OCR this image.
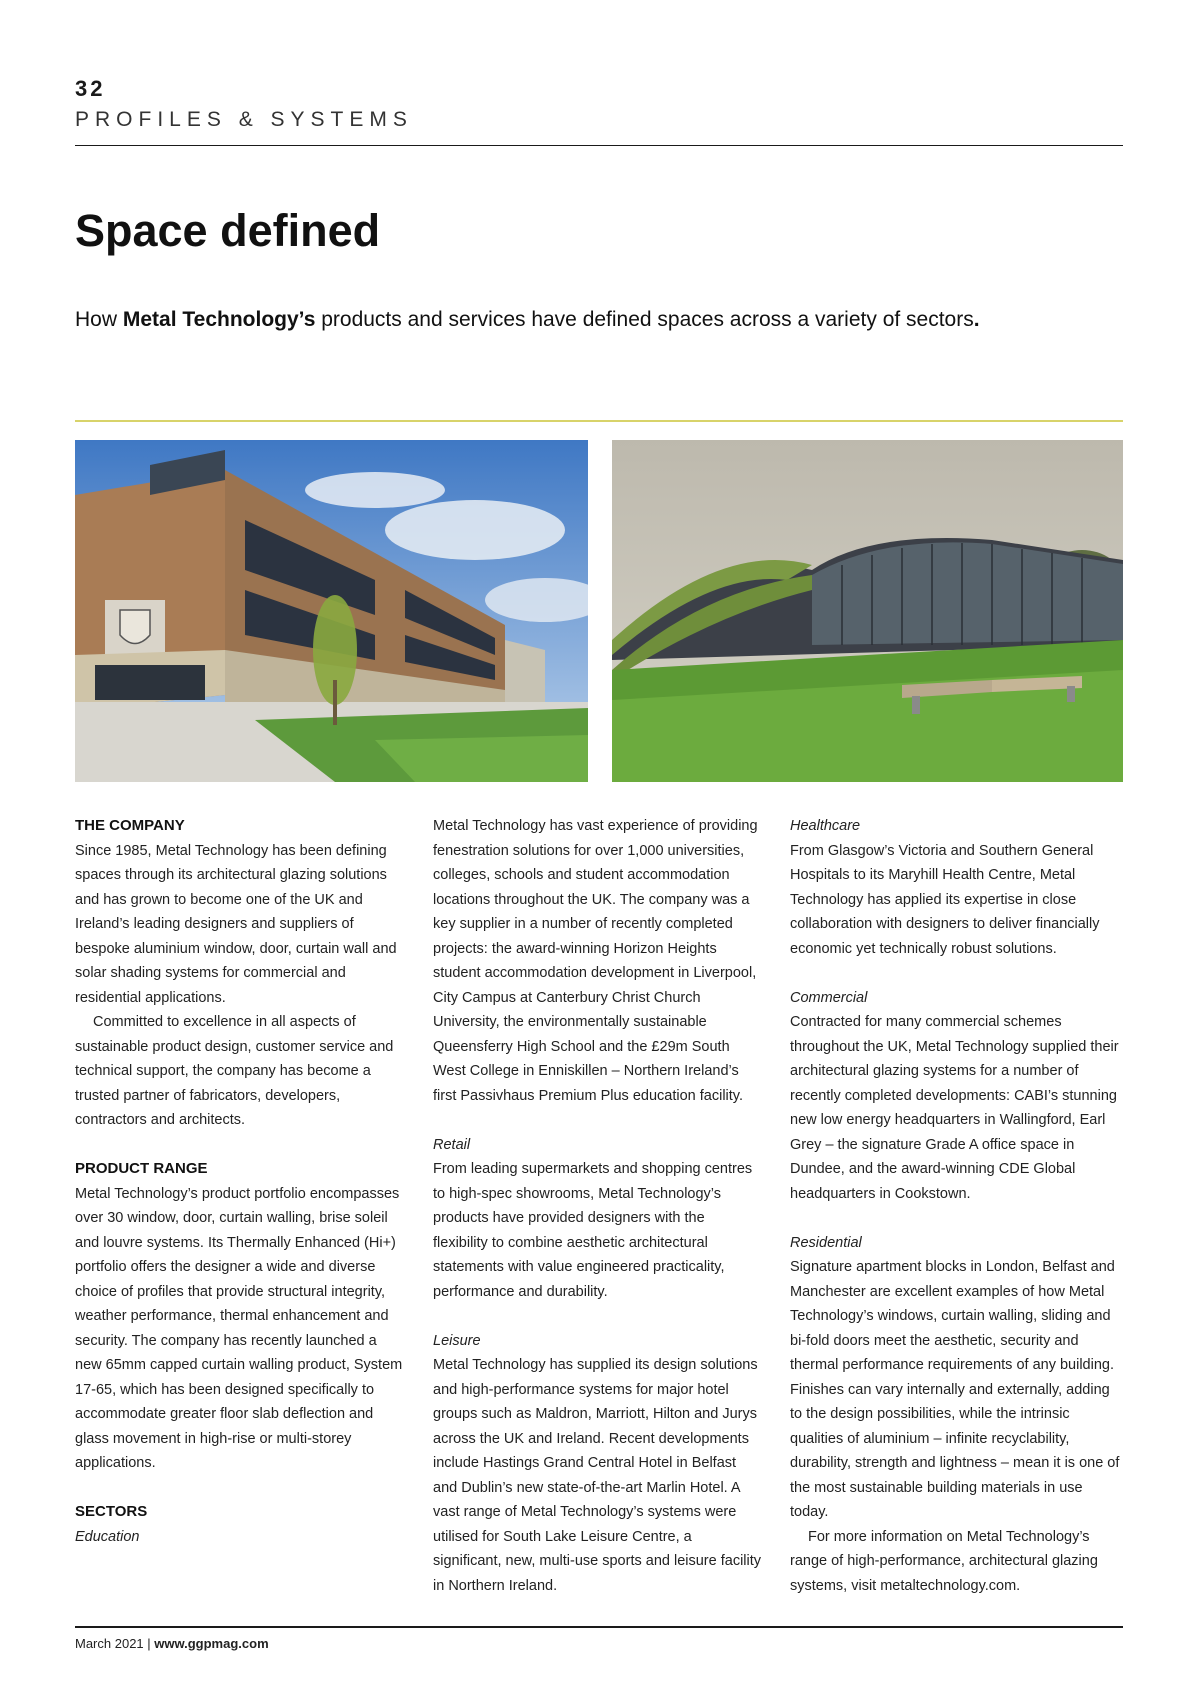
32
PROFILES & SYSTEMS
Space defined

How Metal Technology’s products and services have defined spaces across a variety of sectors.

THE COMPANY

Since 1985, Metal Technology has been defining spaces through its architectural glazing solutions and has grown to become one of the UK and Ireland’s leading designers and suppliers of bespoke aluminium window, door, curtain wall and solar shading systems for commercial and residential applications.

Committed to excellence in all aspects of sustainable product design, customer service and technical support, the company has become a trusted partner of fabricators, developers, contractors and architects.

PRODUCT RANGE

Metal Technology’s product portfolio encompasses over 30 window, door, curtain walling, brise soleil and louvre systems. Its Thermally Enhanced (Hi+) portfolio offers the designer a wide and diverse choice of profiles that provide structural integrity, weather performance, thermal enhancement and security. The company has recently launched a new 65mm capped curtain walling product, System 17-65, which has been designed specifically to accommodate greater floor slab deflection and glass movement in high-rise or multi-storey applications.

SECTORS

Education

Metal Technology has vast experience of providing fenestration solutions for over 1,000 universities, colleges, schools and student accommodation locations throughout the UK. The company was a key supplier in a number of recently completed projects: the award-winning Horizon Heights student accommodation development in Liverpool, City Campus at Canterbury Christ Church University, the environmentally sustainable Queensferry High School and the £29m South West College in Enniskillen – Northern Ireland’s first Passivhaus Premium Plus education facility.

Retail

From leading supermarkets and shopping centres to high-spec showrooms, Metal Technology’s products have provided designers with the flexibility to combine aesthetic architectural statements with value engineered practicality, performance and durability.

Leisure

Metal Technology has supplied its design solutions and high-performance systems for major hotel groups such as Maldron, Marriott, Hilton and Jurys across the UK and Ireland. Recent developments include Hastings Grand Central Hotel in Belfast and Dublin’s new state-of-the-art Marlin Hotel. A vast range of Metal Technology’s systems were utilised for South Lake Leisure Centre, a significant, new, multi-use sports and leisure facility in Northern Ireland.

Healthcare

From Glasgow’s Victoria and Southern General Hospitals to its Maryhill Health Centre, Metal Technology has applied its expertise in close collaboration with designers to deliver financially economic yet technically robust solutions.

Commercial

Contracted for many commercial schemes throughout the UK, Metal Technology supplied their architectural glazing systems for a number of recently completed developments: CABI’s stunning new low energy headquarters in Wallingford, Earl Grey – the signature Grade A office space in Dundee, and the award-winning CDE Global headquarters in Cookstown.

Residential

Signature apartment blocks in London, Belfast and Manchester are excellent examples of how Metal Technology’s windows, curtain walling, sliding and bi-fold doors meet the aesthetic, security and thermal performance requirements of any building. Finishes can vary internally and externally, adding to the design possibilities, while the intrinsic qualities of aluminium – infinite recyclability, durability, strength and lightness – mean it is one of the most sustainable building materials in use today.

For more information on Metal Technology’s range of high-performance, architectural glazing systems, visit metaltechnology.com.

March 2021 | www.ggpmag.com
